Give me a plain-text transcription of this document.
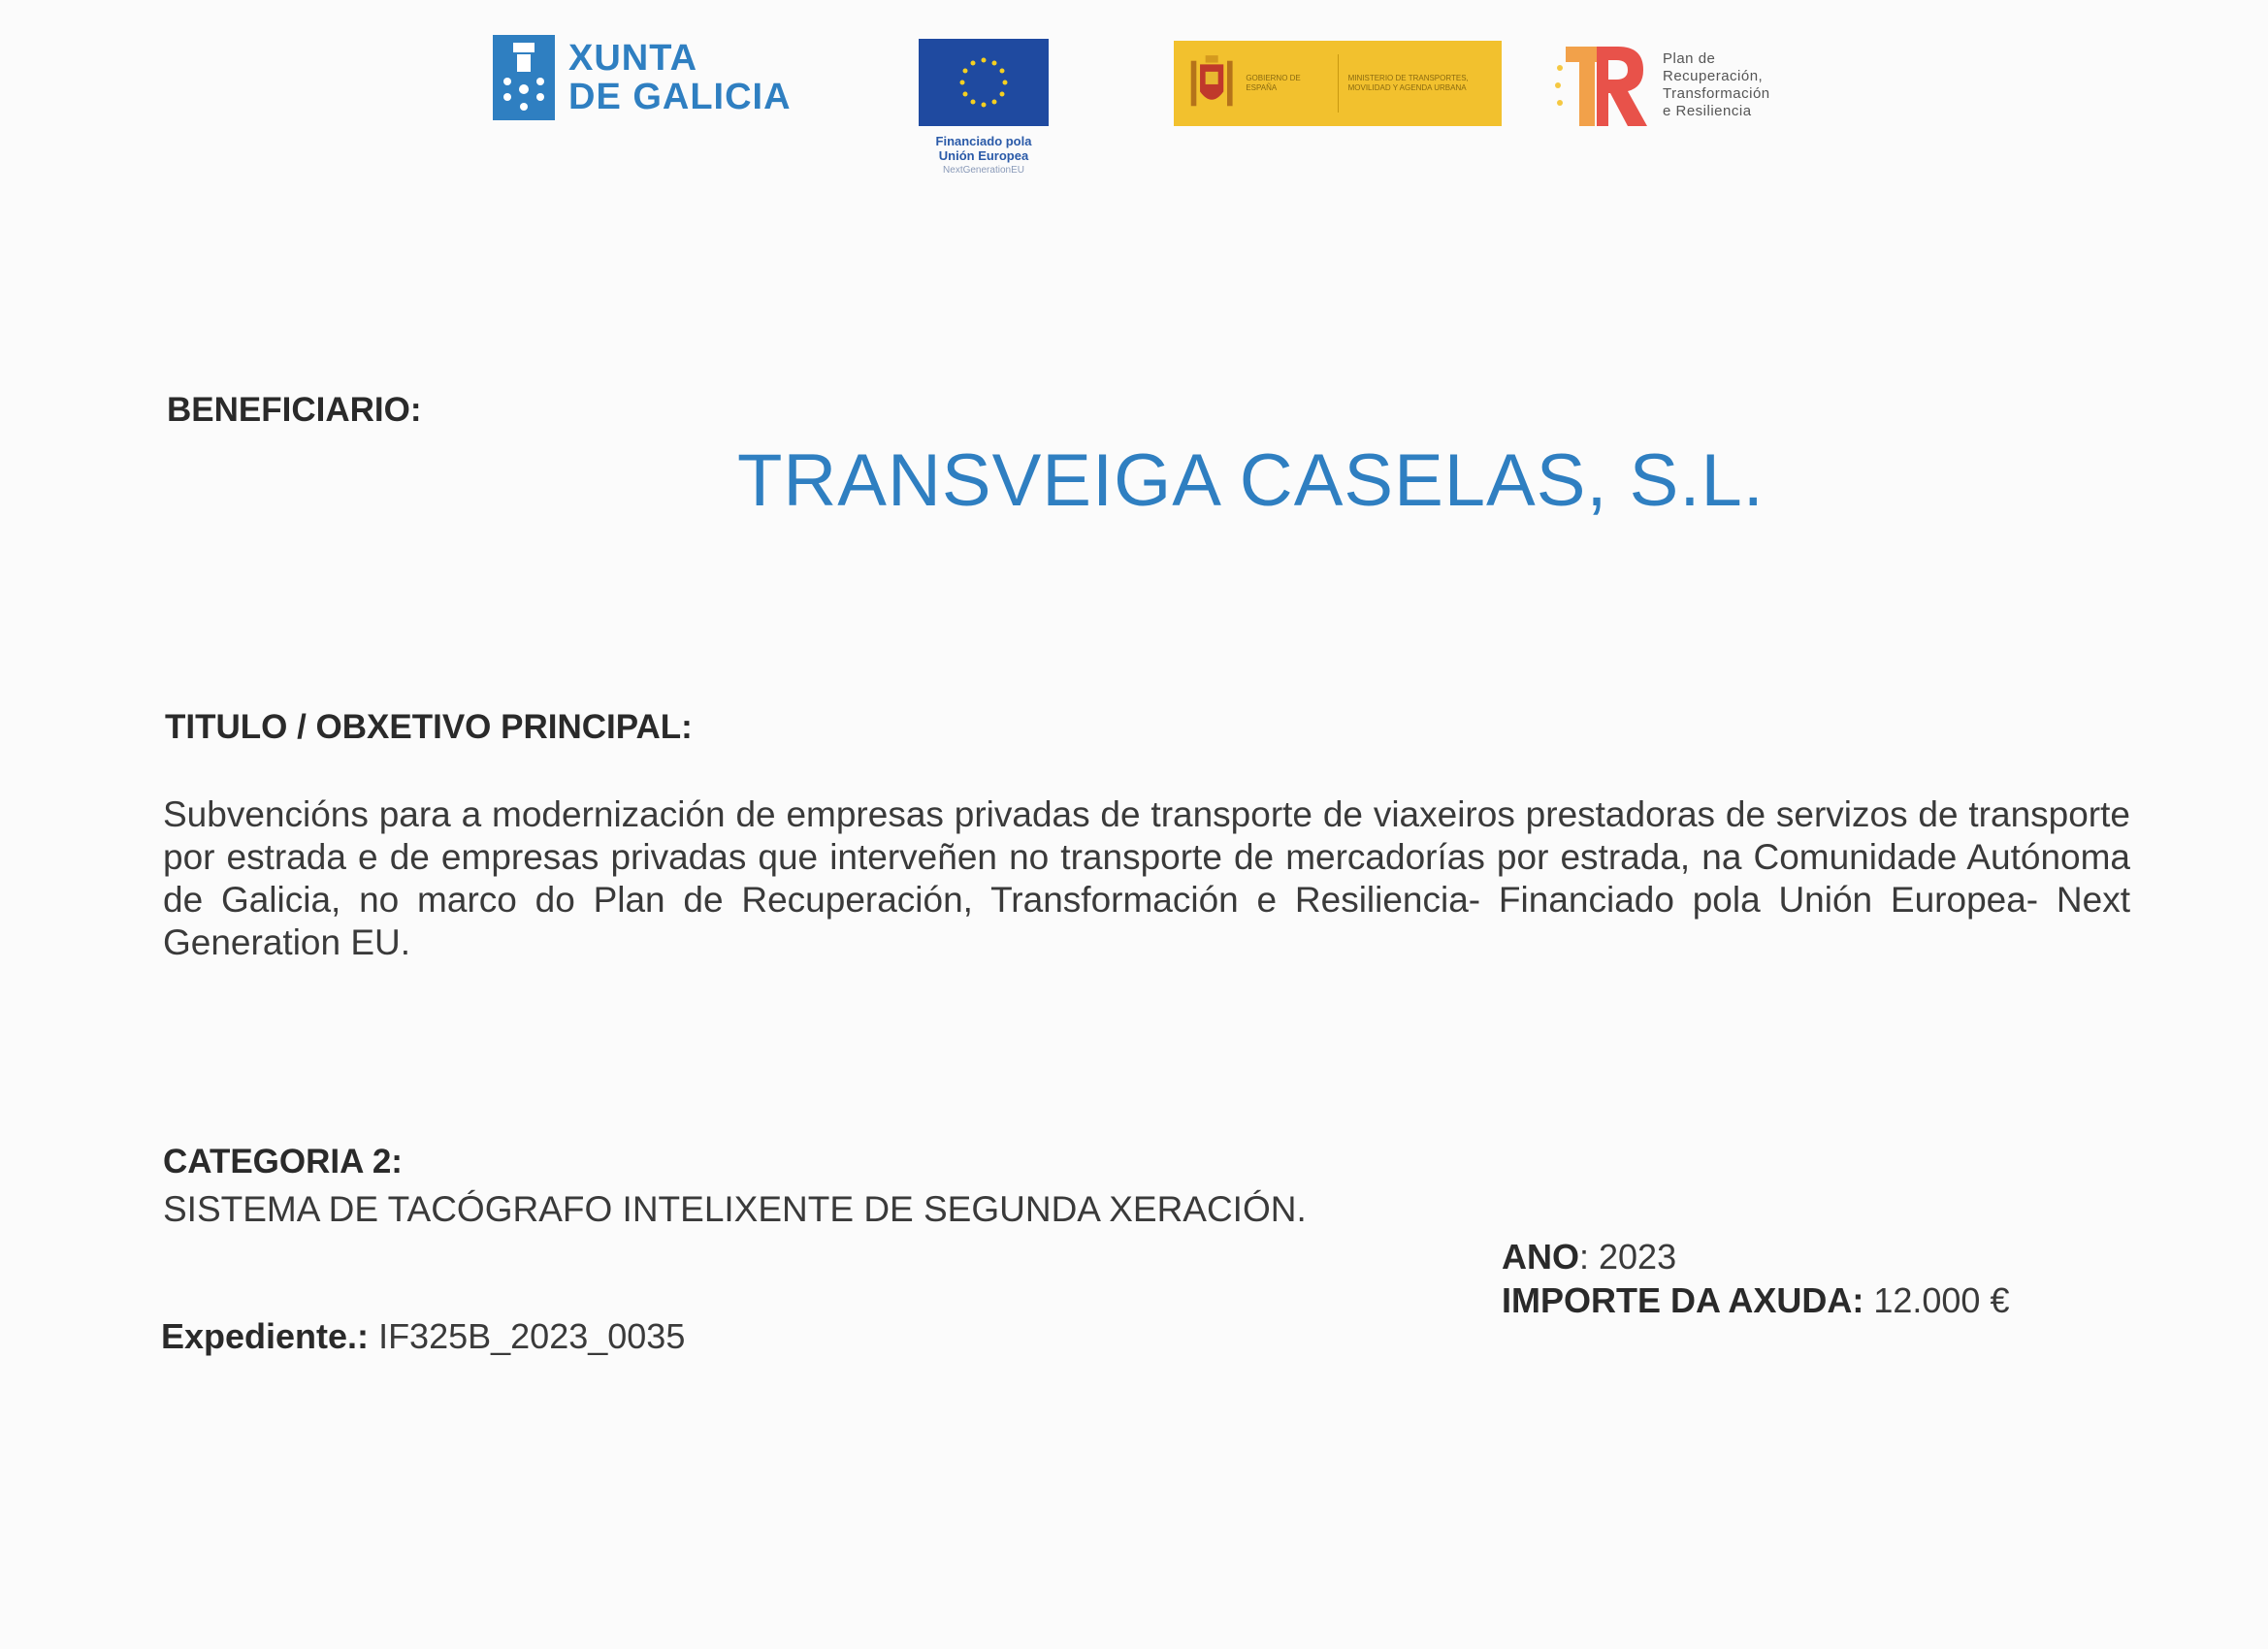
XUNTA
DE GALICIA
Financiado pola
Unión Europea
NextGenerationEU
GOBIERNO DE ESPAÑA
MINISTERIO DE TRANSPORTES, MOVILIDAD Y AGENDA URBANA
Plan de
Recuperación,
Transformación
e Resiliencia
BENEFICIARIO:
TRANSVEIGA CASELAS, S.L.
TITULO / OBXETIVO PRINCIPAL:
Subvencións para a modernización de empresas privadas de transporte de viaxeiros prestadoras de servizos de transporte por estrada e de empresas privadas que interveñen no transporte de mercadorías por estrada, na Comunidade Autónoma de Galicia, no marco do Plan de Recuperación, Transformación e Resiliencia- Financiado pola Unión Europea- Next Generation EU.
CATEGORIA 2:
SISTEMA DE TACÓGRAFO INTELIXENTE DE SEGUNDA XERACIÓN.
ANO: 2023
IMPORTE DA AXUDA: 12.000 €
Expediente.: IF325B_2023_0035
